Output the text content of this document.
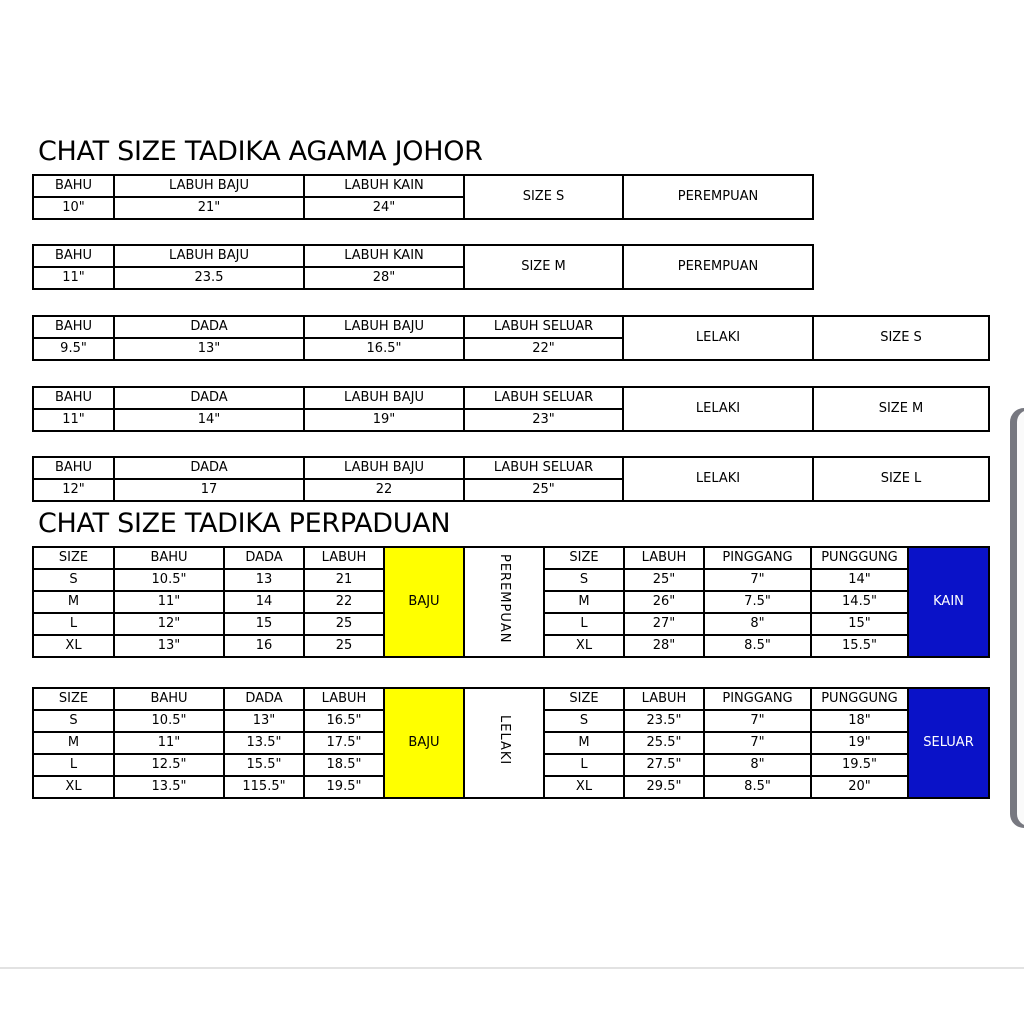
CHAT SIZE TADIKA AGAMA JOHOR
BAHU	LABUH BAJU	LABUH KAIN	SIZE S	PEREMPUAN
10"	21"	24"		
BAHU	LABUH BAJU	LABUH KAIN	SIZE M	PEREMPUAN
11"	23.5	28"		
BAHU	DADA	LABUH BAJU	LABUH SELUAR	LELAKI	SIZE S
9.5"	13"	16.5"	22"		
BAHU	DADA	LABUH BAJU	LABUH SELUAR	LELAKI	SIZE M
11"	14"	19"	23"		
BAHU	DADA	LABUH BAJU	LABUH SELUAR	LELAKI	SIZE L
12"	17	22	25"		
CHAT SIZE TADIKA PERPADUAN
SIZE	BAHU	DADA	LABUH	BAJU	PEREMPUAN	SIZE	LABUH	PINGGANG	PUNGGUNG	KAIN
S	10.5"	13	21			S	25"	7"	14"	
M	11"	14	22			M	26"	7.5"	14.5"	
L	12"	15	25			L	27"	8"	15"	
XL	13"	16	25			XL	28"	8.5"	15.5"	
SIZE	BAHU	DADA	LABUH	BAJU	LELAKI	SIZE	LABUH	PINGGANG	PUNGGUNG	SELUAR
S	10.5"	13"	16.5"			S	23.5"	7"	18"	
M	11"	13.5"	17.5"			M	25.5"	7"	19"	
L	12.5"	15.5"	18.5"			L	27.5"	8"	19.5"	
XL	13.5"	115.5"	19.5"			XL	29.5"	8.5"	20"	
